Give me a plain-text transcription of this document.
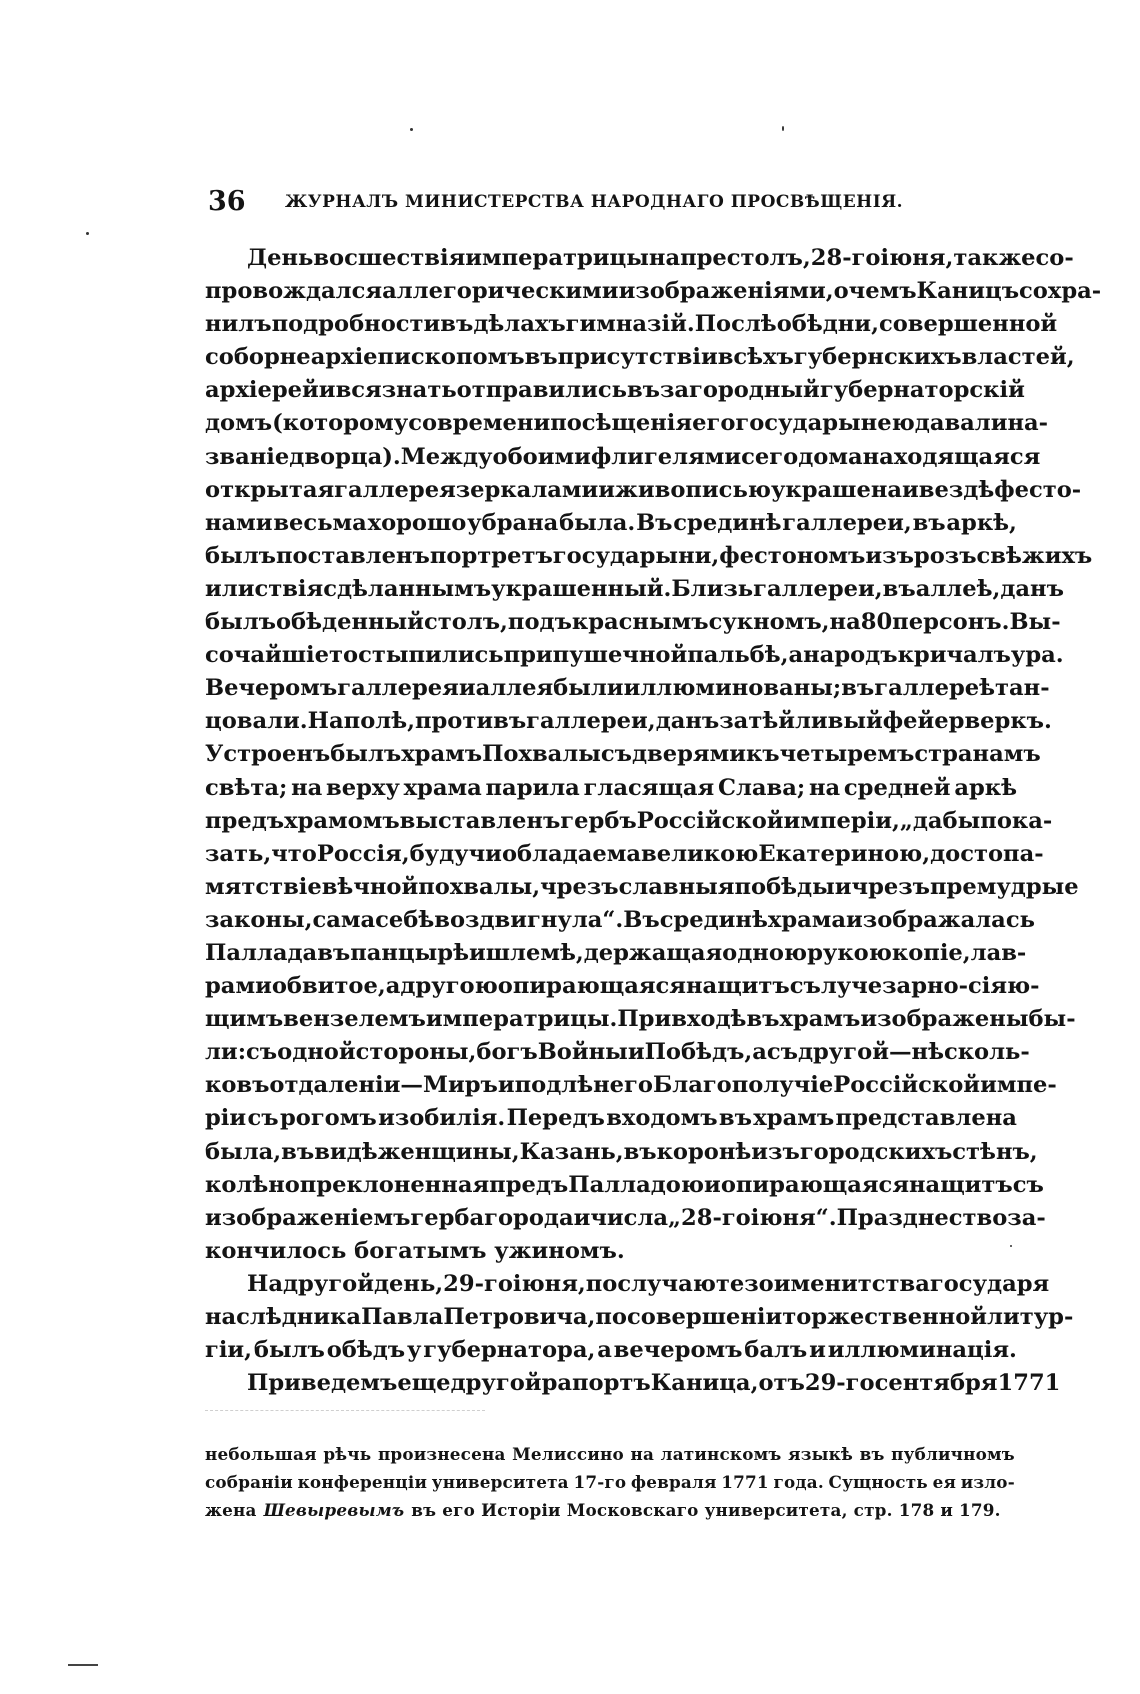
36 ЖУРНАЛЪ МИНИСТЕРСТВА НАРОДНАГО ПРОСВѢЩЕНІЯ.
День восшествія императрицы на престолъ, 28-го іюня, также со-
провождался аллегорическими изображеніями, о чемъ Каницъ сохра-
нилъ подробности въ дѣлахъ гимназій. Послѣ обѣдни, совершенной
соборне архіепископомъ въ присутствіи всѣхъ губернскихъ властей,
архіерей и вся знать отправились въ загородный губернаторскій
домъ (которому со времени посѣщенія его государынею давали на-
званіе дворца). Между обоими флигелями сего дома находящаяся
открытая галлерея зеркалами и живописью украшена и вездѣ фесто-
нами весьма хорошо убрана была. Въ срединѣ галлереи, въ аркѣ,
былъ поставленъ портретъ государыни, фестономъ изъ розъ свѣжихъ
и листвія сдѣланнымъ украшенный. Близь галлереи, въ аллеѣ, данъ
былъ обѣденный столъ, подъ краснымъ сукномъ, на 80 персонъ. Вы-
сочайшіе тосты пились при пушечной пальбѣ, а народъ кричалъ ура.
Вечеромъ галлерея и аллея были иллюминованы; въ галлереѣ тан-
цовали. На полѣ, противъ галлереи, данъ затѣйливый фейерверкъ.
Устроенъ былъ храмъ Похвалы съ дверями къ четыремъ странамъ
свѣта; на верху храма парила гласящая Слава; на средней аркѣ
предъ храмомъ выставленъ гербъ Россійской имперіи, „дабы пока-
зать, что Россія, будучи обладаема великою Екатериною, достопа-
мятствіе вѣчной похвалы, чрезъ славныя побѣды и чрезъ премудрые
законы, сама себѣ воздвигнула“. Въ срединѣ храма изображалась
Паллада въ панцырѣ и шлемѣ, держащая одною рукою копіе, лав-
рами обвитое, а другою опирающаяся на щитъ съ лучезарно-сіяю-
щимъ вензелемъ императрицы. При входѣ въ храмъ изображены бы-
ли: съ одной стороны, богъ Войны и Побѣдъ, а съ другой—нѣсколь-
ко въ отдаленіи—Миръ и подлѣ него Благополучіе Россійской импе-
ріи съ рогомъ изобилія. Передъ входомъ въ храмъ представлена
была, въ видѣ женщины, Казань, въ коронѣ изъ городскихъ стѣнъ,
колѣнопреклоненная предъ Палладою и опирающаяся на щитъ съ
изображеніемъ герба города и числа „28-го іюня“. Празднество за-
кончилось богатымъ ужиномъ.
На другой день, 29-го іюня, по случаю тезоименитства государя
наслѣдника Павла Петровича, по совершеніи торжественной литур-
гіи, былъ обѣдъ у губернатора, а вечеромъ балъ и иллюминація.
Приведемъ еще другой рапортъ Каница, отъ 29-го сентября 1771
небольшая рѣчь произнесена Мелиссино на латинскомъ языкѣ въ публичномъ
собраніи конференціи университета 17-го февраля 1771 года. Сущность ея изло-
жена Шевыревымъ въ его Исторіи Московскаго университета, стр. 178 и 179.
